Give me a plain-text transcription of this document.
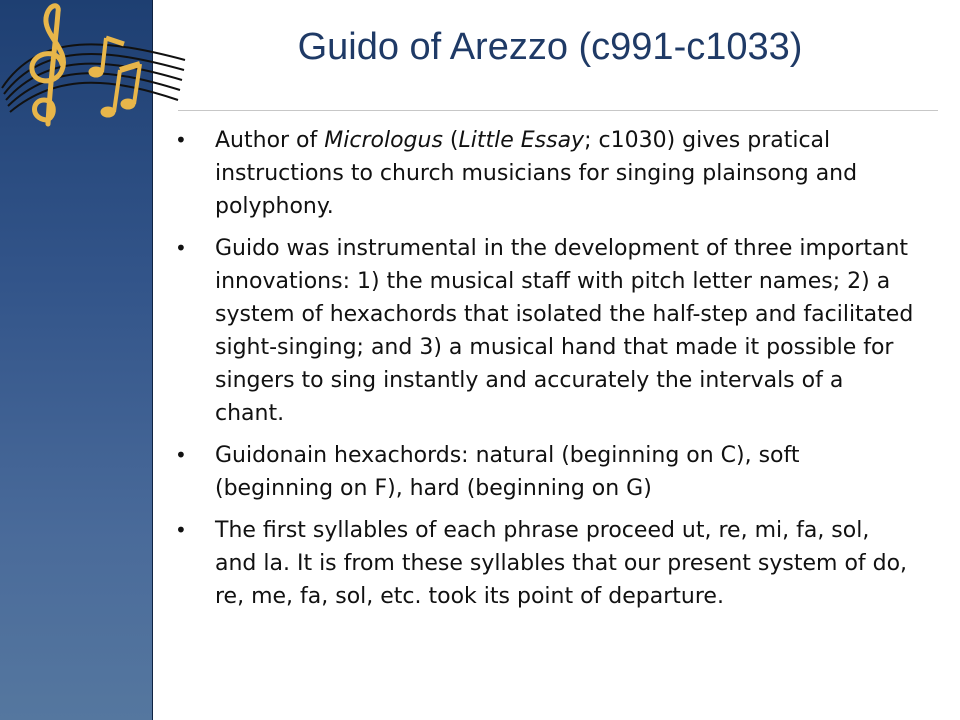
Guido of Arezzo (c991-c1033)
• Author of Micrologus (Little Essay; c1030) gives pratical instructions to church musicians for singing plainsong and polyphony.
• Guido was instrumental in the development of three important innovations: 1) the musical staff with pitch letter names; 2) a system of hexachords that isolated the half-step and facilitated sight-singing; and 3) a musical hand that made it possible for singers to sing instantly and accurately the intervals of a chant.
• Guidonain hexachords: natural (beginning on C), soft (beginning on F), hard (beginning on G)
• The first syllables of each phrase proceed ut, re, mi, fa, sol, and la. It is from these syllables that our present system of do, re, me, fa, sol, etc. took its point of departure.
